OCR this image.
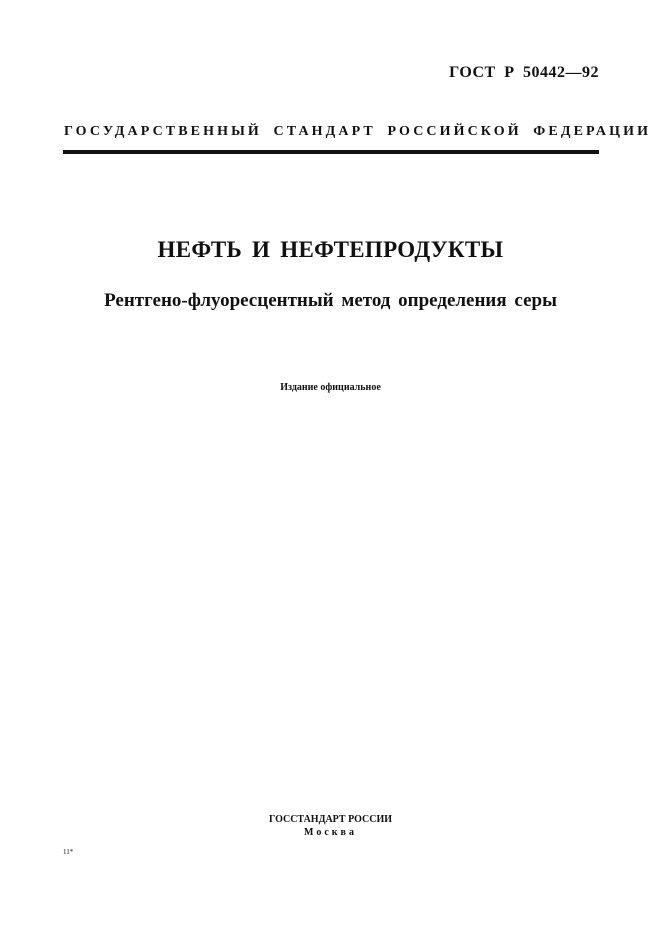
ГОСТ Р 50442—92
ГОСУДАРСТВЕННЫЙ СТАНДАРТ РОССИЙСКОЙ ФЕДЕРАЦИИ
НЕФТЬ И НЕФТЕПРОДУКТЫ
Рентгено-флуоресцентный метод определения серы
Издание официальное
ГОССТАНДАРТ РОССИИ
Москва
11*
